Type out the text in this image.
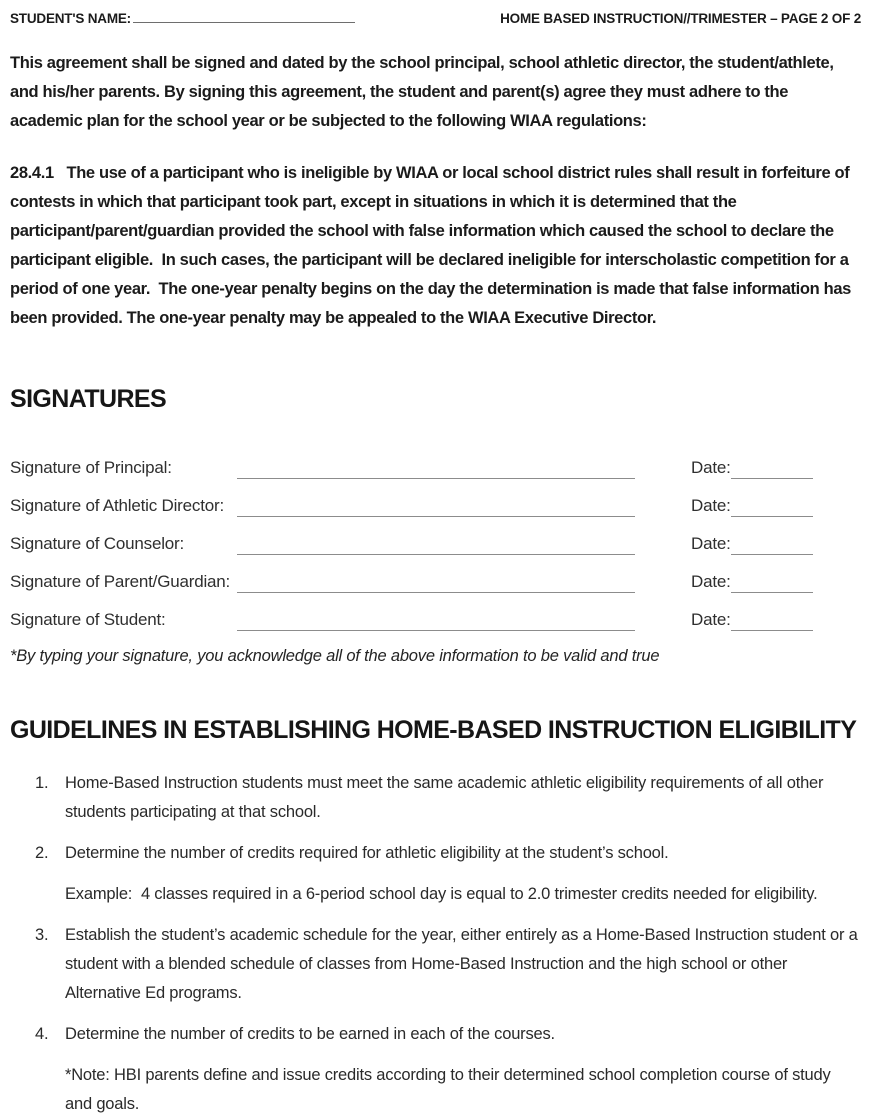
STUDENT'S NAME:	HOME BASED INSTRUCTION//TRIMESTER – PAGE 2 OF 2

This agreement shall be signed and dated by the school principal, school athletic director, the student/athlete, and his/her parents. By signing this agreement, the student and parent(s) agree they must adhere to the academic plan for the school year or be subjected to the following WIAA regulations:

28.4.1   The use of a participant who is ineligible by WIAA or local school district rules shall result in forfeiture of contests in which that participant took part, except in situations in which it is determined that the participant/parent/guardian provided the school with false information which caused the school to declare the participant eligible.  In such cases, the participant will be declared ineligible for interscholastic competition for a period of one year.  The one-year penalty begins on the day the determination is made that false information has been provided. The one-year penalty may be appealed to the WIAA Executive Director.

SIGNATURES
Signature of Principal:	Date:
Signature of Athletic Director:	Date:
Signature of Counselor:	Date:
Signature of Parent/Guardian:	Date:
Signature of Student:	Date:

*By typing your signature, you acknowledge all of the above information to be valid and true

GUIDELINES IN ESTABLISHING HOME-BASED INSTRUCTION ELIGIBILITY
1. Home-Based Instruction students must meet the same academic athletic eligibility requirements of all other students participating at that school.
2. Determine the number of credits required for athletic eligibility at the student’s school.
Example:  4 classes required in a 6-period school day is equal to 2.0 trimester credits needed for eligibility.
3. Establish the student’s academic schedule for the year, either entirely as a Home-Based Instruction student or a student with a blended schedule of classes from Home-Based Instruction and the high school or other Alternative Ed programs.
4. Determine the number of credits to be earned in each of the courses.
*Note: HBI parents define and issue credits according to their determined school completion course of study and goals.
